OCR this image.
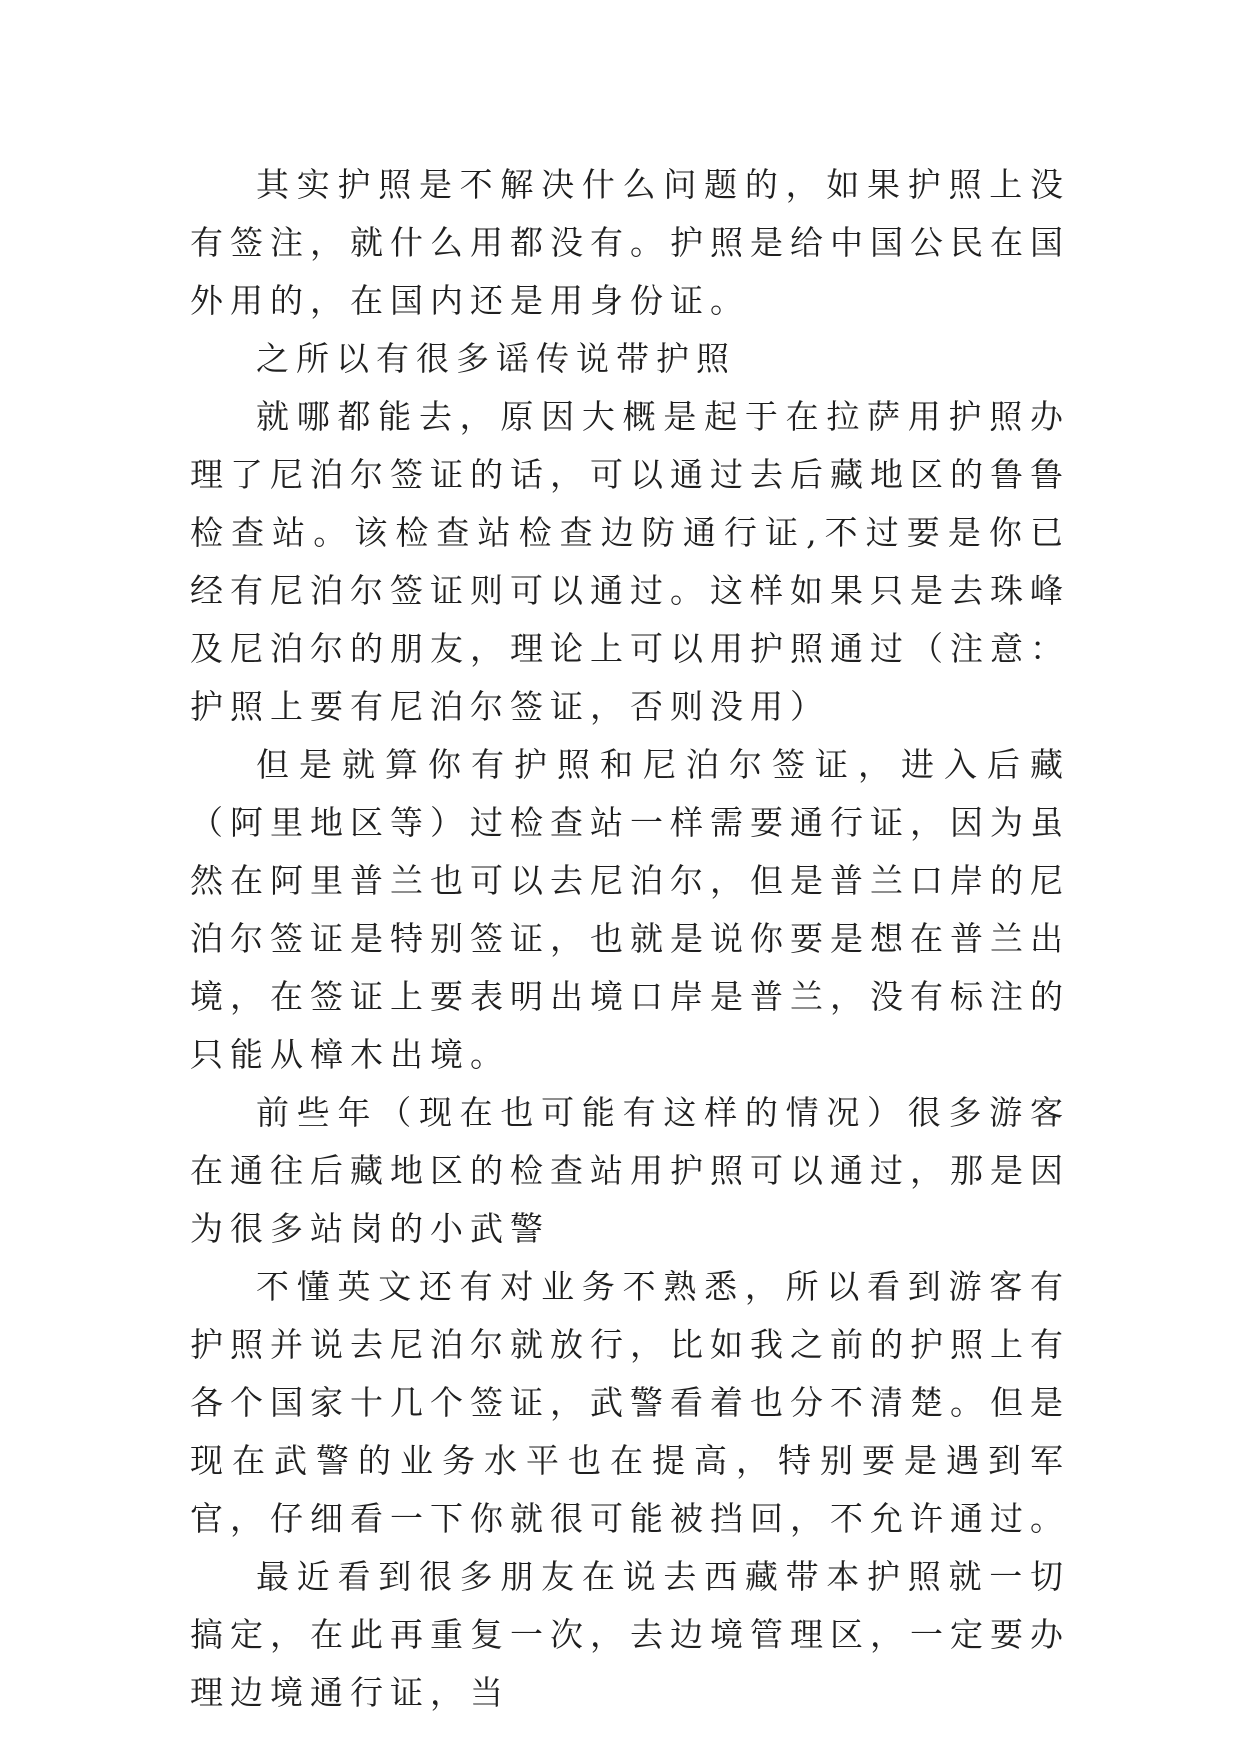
其实护照是不解决什么问题的，如果护照上没有签注，就什么用都没有。护照是给中国公民在国外用的，在国内还是用身份证。

之所以有很多谣传说带护照

就哪都能去，原因大概是起于在拉萨用护照办理了尼泊尔签证的话，可以通过去后藏地区的鲁鲁检查站。该检查站检查边防通行证,不过要是你已经有尼泊尔签证则可以通过。这样如果只是去珠峰及尼泊尔的朋友，理论上可以用护照通过（注意：护照上要有尼泊尔签证，否则没用）

但是就算你有护照和尼泊尔签证，进入后藏（阿里地区等）过检查站一样需要通行证，因为虽然在阿里普兰也可以去尼泊尔，但是普兰口岸的尼泊尔签证是特别签证，也就是说你要是想在普兰出境，在签证上要表明出境口岸是普兰，没有标注的只能从樟木出境。

前些年（现在也可能有这样的情况）很多游客在通往后藏地区的检查站用护照可以通过，那是因为很多站岗的小武警

不懂英文还有对业务不熟悉，所以看到游客有护照并说去尼泊尔就放行，比如我之前的护照上有各个国家十几个签证，武警看着也分不清楚。但是现在武警的业务水平也在提高，特别要是遇到军官，仔细看一下你就很可能被挡回，不允许通过。

最近看到很多朋友在说去西藏带本护照就一切搞定，在此再重复一次，去边境管理区，一定要办理边境通行证，当
